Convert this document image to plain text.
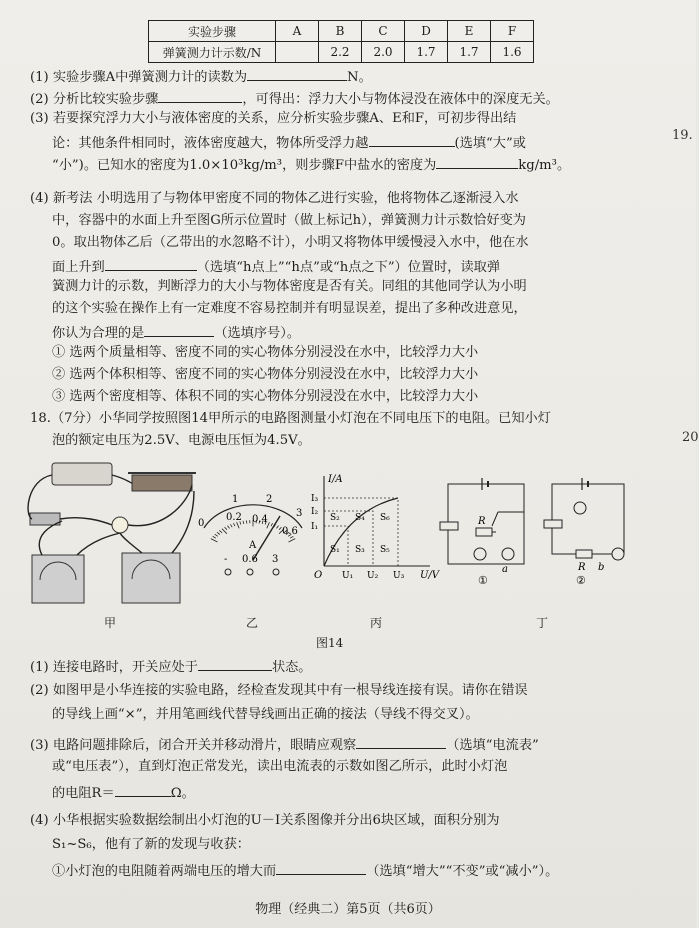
实验步骤	A	B	C	D	E	F
弹簧测力计示数/N		2.2	2.0	1.7	1.7	1.6
(1) 实验步骤A中弹簧测力计的读数为	N。
(2) 分析比较实验步骤	，可得出：浮力大小与物体浸没在液体中的深度无关。
(3) 若要探究浮力大小与液体密度的关系，应分析实验步骤A、E和F，可初步得出结
论：其他条件相同时，液体密度越大，物体所受浮力越	(选填“大”或
“小”)。已知水的密度为1.0×10³kg/m³，则步骤F中盐水的密度为	kg/m³。
(4) 新考法 小明选用了与物体甲密度不同的物体乙进行实验，他将物体乙逐渐浸入水
中，容器中的水面上升至图G所示位置时（做上标记h），弹簧测力计示数恰好变为
0。取出物体乙后（乙带出的水忽略不计），小明又将物体甲缓慢浸入水中，他在水
面上升到	（选填“h点上”“h点”或“h点之下”）位置时，读取弹
簧测力计的示数，判断浮力的大小与物体密度是否有关。同组的其他同学认为小明
的这个实验在操作上有一定难度不容易控制并有明显误差，提出了多种改进意见，
你认为合理的是	（选填序号）。
① 选两个质量相等、密度不同的实心物体分别浸没在水中，比较浮力大小
② 选两个体积相等、密度不同的实心物体分别浸没在水中，比较浮力大小
③ 选两个密度相等、体积不同的实心物体分别浸没在水中，比较浮力大小
19.
20
18.（7分）小华同学按照图14甲所示的电路图测量小灯泡在不同电压下的电阻。已知小灯
泡的额定电压为2.5V、电源电压恒为4.5V。
0
0.2 0.4
0.6
1	2
3
A
- 0.6 3
I/A
U/V
O
I₃
I₂
I₁
U₁ U₂ U₃
S₁
S₂
S₃
S₄
S₅
S₆	R
a
①
R b
②
甲	乙	丙	丁
图14
(1) 连接电路时，开关应处于	状态。
(2) 如图甲是小华连接的实验电路，经检查发现其中有一根导线连接有误。请你在错误
的导线上画“×”，并用笔画线代替导线画出正确的接法（导线不得交叉）。
(3) 电路问题排除后，闭合开关并移动滑片，眼睛应观察	（选填“电流表”
或“电压表”），直到灯泡正常发光，读出电流表的示数如图乙所示，此时小灯泡
的电阻R＝	Ω。
(4) 小华根据实验数据绘制出小灯泡的U－I关系图像并分出6块区域，面积分别为
S₁~S₆，他有了新的发现与收获：
①小灯泡的电阻随着两端电压的增大而	（选填“增大”“不变”或“减小”）。
物理（经典二）第5页（共6页）
